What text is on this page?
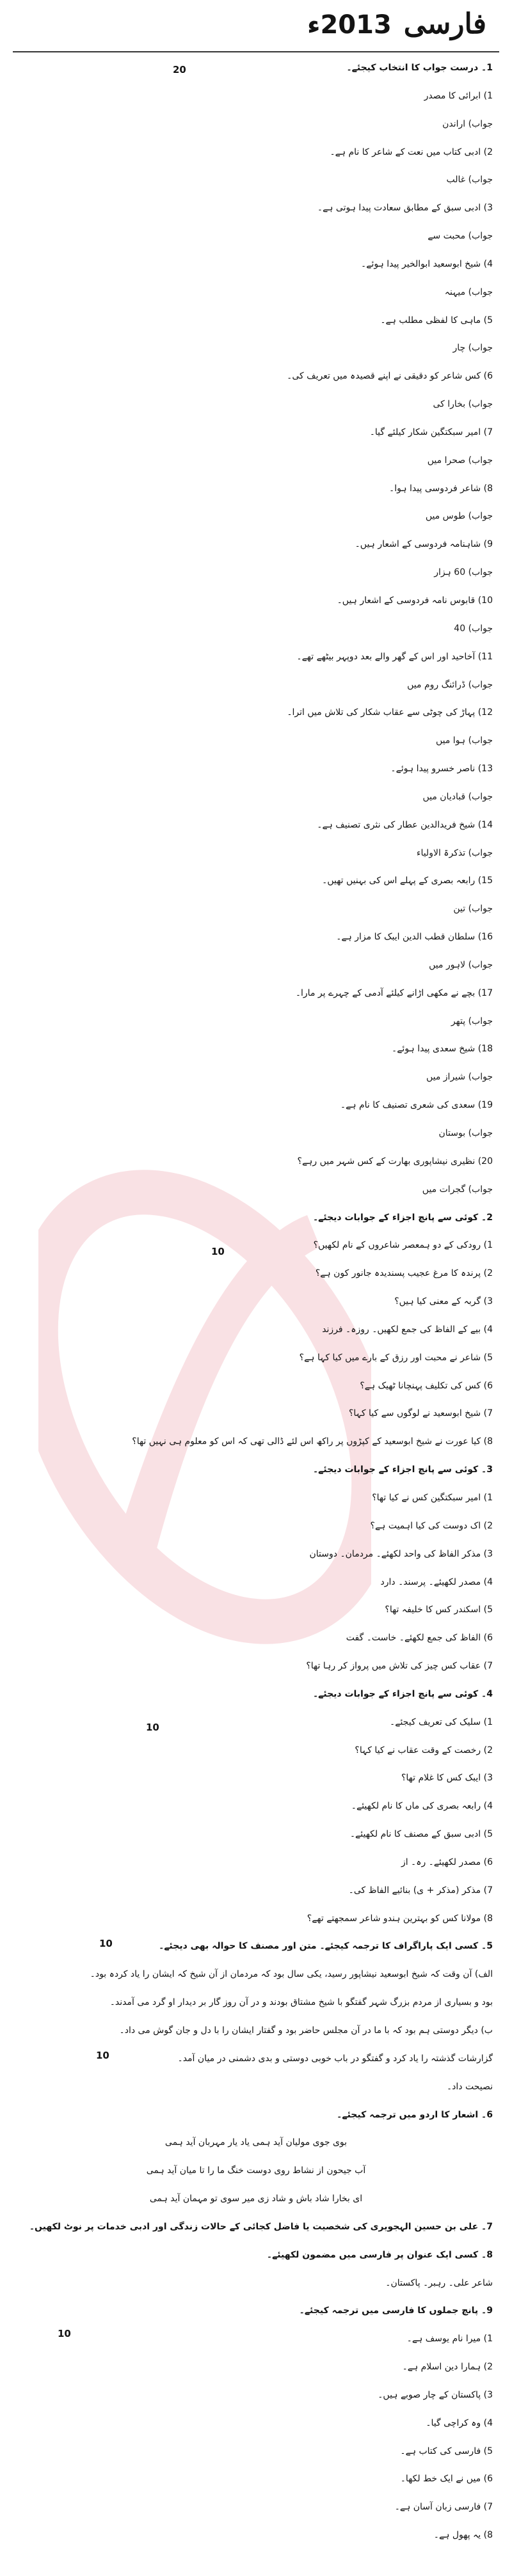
فارسی
2013ء
20
10
10
10
10
10
1۔ درست جواب کا انتخاب کیجئے۔
1) ابرائی کا مصدر
جواب) اراندن
2) ادبی کتاب میں نعت کے شاعر کا نام ہے۔
جواب) غالب
3) ادبی سبق کے مطابق سعادت پیدا ہوتی ہے۔
جواب) محبت سے
4) شیخ ابوسعید ابوالخیر پیدا ہوئے۔
جواب) میہنہ
5) ماہی کا لفظی مطلب ہے۔
جواب) چار
6) کس شاعر کو دقیقی نے اپنے قصیدہ میں تعریف کی۔
جواب) بخارا کی
7) امیر سبکتگین شکار کیلئے گیا۔
جواب) صحرا میں
8) شاعر فردوسی پیدا ہوا۔
جواب) طوس میں
9) شاہنامہ فردوسی کے اشعار ہیں۔
جواب) 60 ہزار
10) قابوس نامہ فردوسی کے اشعار ہیں۔
جواب) 40
11) آخاحید اور اس کے گھر والے بعد دوپہر بیٹھے تھے۔
جواب) ڈرائنگ روم میں
12) پہاڑ کی چوٹی سے عقاب شکار کی تلاش میں اترا۔
جواب) ہوا میں
13) ناصر خسرو پیدا ہوئے۔
جواب) قبادیان میں
14) شیخ فریدالدین عطار کی نثری تصنیف ہے۔
جواب) تذکرۃ الاولیاء
15) رابعہ بصری کے پہلے اس کی بہنیں تھیں۔
جواب) تین
16) سلطان قطب الدین ایبک کا مزار ہے۔
جواب) لاہور میں
17) بچے نے مکھی اڑانے کیلئے آدمی کے چہرے پر مارا۔
جواب) پتھر
18) شیخ سعدی پیدا ہوئے۔
جواب) شیراز میں
19) سعدی کی شعری تصنیف کا نام ہے۔
جواب) بوستان
20) نظیری نیشاپوری بھارت کے کس شہر میں رہے؟
جواب) گجرات میں
2۔ کوئی سے پانچ اجزاء کے جوابات دیجئے۔
1) رودکی کے دو ہمعصر شاعروں کے نام لکھیں؟
2) پرندہ کا مرغ عجیب پسندیدہ جانور کون ہے؟
3) گربہ کے معنی کیا ہیں؟
4) بیے کے الفاظ کی جمع لکھیں۔ روزہ۔ فرزند
5) شاعر نے محبت اور رزق کے بارے میں کیا کہا ہے؟
6) کس کی تکلیف پہنچانا ٹھیک ہے؟
7) شیخ ابوسعید نے لوگوں سے کیا کہا؟
8) کیا عورت نے شیخ ابوسعید کے کپڑوں پر راکھ اس لئے ڈالی تھی کہ اس کو معلوم ہی نہیں تھا؟
3۔ کوئی سے پانچ اجزاء کے جوابات دیجئے۔
1) امیر سبکتگین کس نے کیا تھا؟
2) اک دوست کی کیا اہمیت ہے؟
3) مذکر الفاظ کی واحد لکھئے۔ مردمان۔ دوستان
4) مصدر لکھیئے۔ پرسند۔ دارد
5) اسکندر کس کا خلیفہ تھا؟
6) الفاظ کی جمع لکھئے۔ خاست۔ گفت
7) عقاب کس چیز کی تلاش میں پرواز کر رہا تھا؟
4۔ کوئی سے پانچ اجزاء کے جوابات دیجئے۔
1) سلیک کی تعریف کیجئے۔
2) رخصت کے وقت عقاب نے کیا کہا؟
3) ایبک کس کا غلام تھا؟
4) رابعہ بصری کی ماں کا نام لکھیئے۔
5) ادبی سبق کے مصنف کا نام لکھیئے۔
6) مصدر لکھیئے۔ رہ۔ از
7) مذکر (مذکر + ی) بنائیے الفاظ کی۔
8) مولانا کس کو بہترین ہندو شاعر سمجھتے تھے؟
5۔ کسی ایک پاراگراف کا ترجمہ کیجئے۔ متن اور مصنف کا حوالہ بھی دیجئے۔
الف) آن وقت کہ شیخ ابوسعید نیشاپور رسید، یکی سال بود کہ مردمان از آن شیخ کہ ایشان را یاد کردہ بود۔
بود و بسیاری از مردم بزرگ شہر گفتگو با شیخ مشتاق بودند و در آن روز گار بر دیدار او گرد می آمدند۔
ب) دیگر دوستی ہم بود کہ با ما در آن مجلس حاضر بود و گفتار ایشان را با دل و جان گوش می داد۔
گزارشات گذشتہ را یاد کرد و گفتگو در باب خوبی دوستی و بدی دشمنی در میان آمد۔
نصیحت داد۔
6۔ اشعار کا اردو میں ترجمہ کیجئے۔
بوی جوی مولیان آید ہمی یاد یار مہربان آید ہمی
آب جیحون از نشاط روی دوست خنگ ما را تا میان آید ہمی
ای بخارا شاد باش و شاد زی میر سوی تو مہمان آید ہمی
7۔ علی بن حسین الہجویری کی شخصیت یا فاضل کجائی کے حالات زندگی اور ادبی خدمات پر نوٹ لکھیں۔
8۔ کسی ایک عنوان پر فارسی میں مضمون لکھیئے۔
شاعر علی۔ رہبر۔ پاکستان۔
9۔ پانچ جملوں کا فارسی میں ترجمہ کیجئے۔
1) میرا نام یوسف ہے۔
2) ہمارا دین اسلام ہے۔
3) پاکستان کے چار صوبے ہیں۔
4) وہ کراچی گیا۔
5) فارسی کی کتاب ہے۔
6) میں نے ایک خط لکھا۔
7) فارسی زبان آسان ہے۔
8) یہ پھول ہے۔
